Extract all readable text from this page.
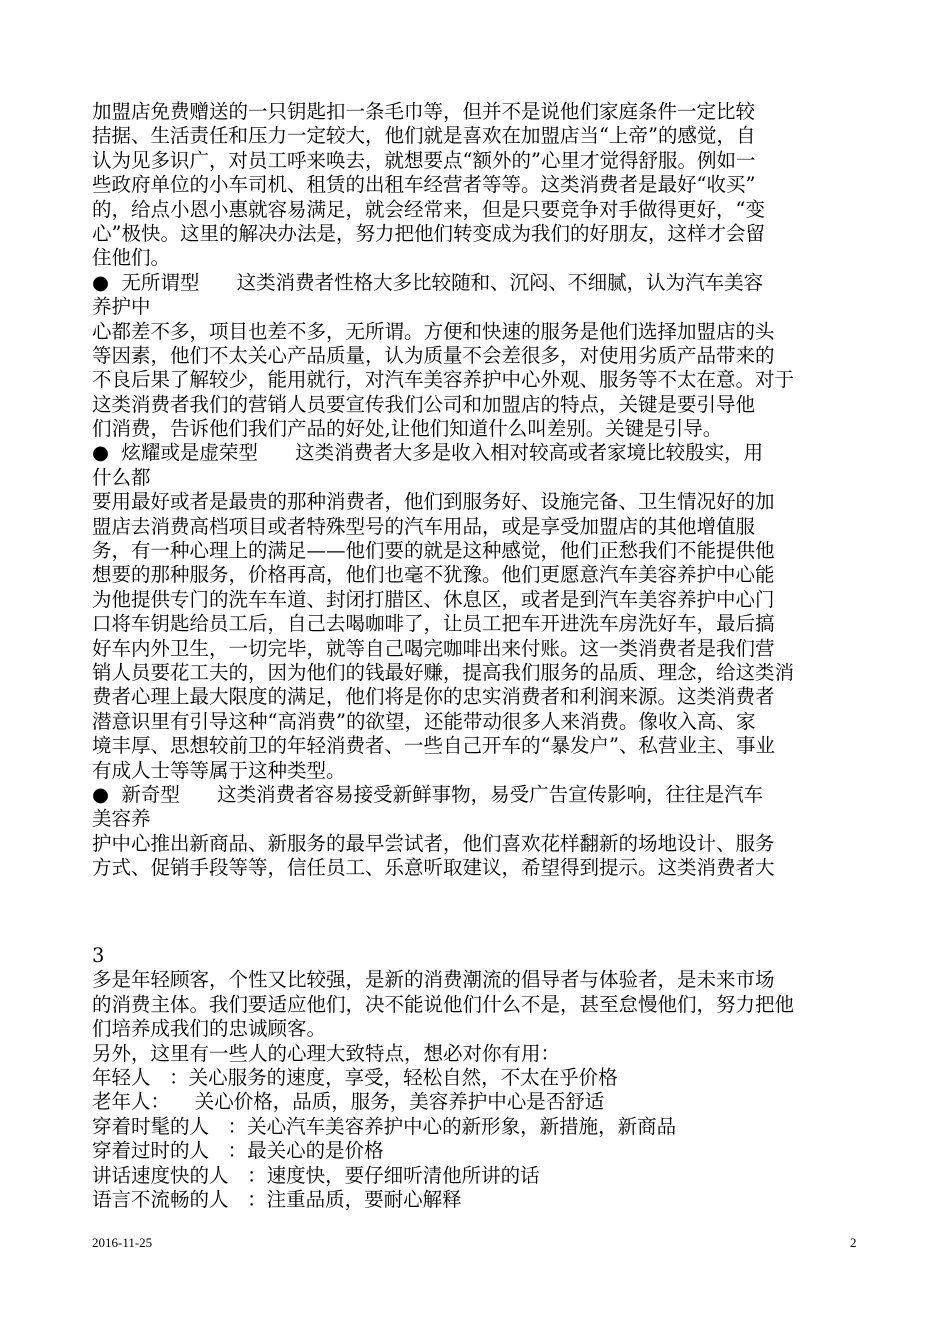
加盟店免费赠送的一只钥匙扣一条毛巾等，但并不是说他们家庭条件一定比较
拮据、生活责任和压力一定较大，他们就是喜欢在加盟店当“上帝”的感觉，自
认为见多识广，对员工呼来唤去，就想要点“额外的”心里才觉得舒服。例如一
些政府单位的小车司机、租赁的出租车经营者等等。这类消费者是最好“收买”
的，给点小恩小惠就容易满足，就会经常来，但是只要竞争对手做得更好，“变
心”极快。这里的解决办法是，努力把他们转变成为我们的好朋友，这样才会留
住他们。
●  无所谓型      这类消费者性格大多比较随和、沉闷、不细腻，认为汽车美容
养护中
心都差不多，项目也差不多，无所谓。方便和快速的服务是他们选择加盟店的头
等因素，他们不太关心产品质量，认为质量不会差很多，对使用劣质产品带来的
不良后果了解较少，能用就行，对汽车美容养护中心外观、服务等不太在意。对于
这类消费者我们的营销人员要宣传我们公司和加盟店的特点，关键是要引导他
们消费，告诉他们我们产品的好处,让他们知道什么叫差别。关键是引导。
●  炫耀或是虚荣型      这类消费者大多是收入相对较高或者家境比较殷实，用
什么都
要用最好或者是最贵的那种消费者，他们到服务好、设施完备、卫生情况好的加
盟店去消费高档项目或者特殊型号的汽车用品，或是享受加盟店的其他增值服
务，有一种心理上的满足——他们要的就是这种感觉，他们正愁我们不能提供他
想要的那种服务，价格再高，他们也毫不犹豫。他们更愿意汽车美容养护中心能
为他提供专门的洗车车道、封闭打腊区、休息区，或者是到汽车美容养护中心门
口将车钥匙给员工后，自己去喝咖啡了，让员工把车开进洗车房洗好车，最后搞
好车内外卫生，一切完毕，就等自己喝完咖啡出来付账。这一类消费者是我们营
销人员要花工夫的，因为他们的钱最好赚，提高我们服务的品质、理念，给这类消
费者心理上最大限度的满足，他们将是你的忠实消费者和利润来源。这类消费者
潜意识里有引导这种“高消费”的欲望，还能带动很多人来消费。像收入高、家
境丰厚、思想较前卫的年轻消费者、一些自己开车的“暴发户”、私营业主、事业
有成人士等等属于这种类型。
●  新奇型      这类消费者容易接受新鲜事物，易受广告宣传影响，往往是汽车
美容养
护中心推出新商品、新服务的最早尝试者，他们喜欢花样翻新的场地设计、服务
方式、促销手段等等，信任员工、乐意听取建议，希望得到提示。这类消费者大
3
多是年轻顾客，个性又比较强，是新的消费潮流的倡导者与体验者，是未来市场
的消费主体。我们要适应他们，决不能说他们什么不是，甚至怠慢他们，努力把他
们培养成我们的忠诚顾客。
另外，这里有一些人的心理大致特点，想必对你有用：
年轻人   ：关心服务的速度，享受，轻松自然，不太在乎价格
老年人：    关心价格，品质，服务，美容养护中心是否舒适
穿着时髦的人   ：关心汽车美容养护中心的新形象，新措施，新商品
穿着过时的人   ：最关心的是价格
讲话速度快的人   ：速度快，要仔细听清他所讲的话
语言不流畅的人   ：注重品质，要耐心解释
2016-11-25	2
